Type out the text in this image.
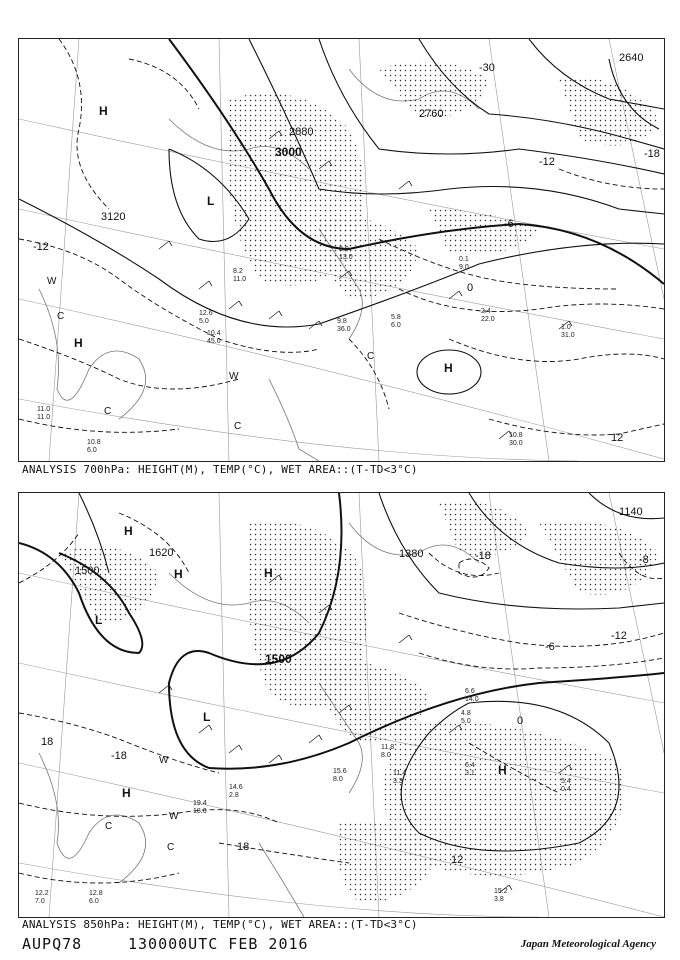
3000
3120
2880
2760
2640
-12
-6
0
12
-12
-18
-30
H
L
H
H
W
C
W
C
C
C
10.4
45.0
5.8
6.0
2.4
22.0
1.0
31.0
10.8
30.0
10.8
6.0
11.0
11.0
9.8
36.0
12.6
5.0
0.1
9.0
3.0
13.0
8.2
11.0
ANALYSIS 700hPa: HEIGHT(M), TEMP(°C), WET AREA::(T-TD<3°C)
1500
1620	1380
1140
1500
-18
-12
-6
0
12
18
18
-18
-8
H
H	H
L
L
H
H
W
W
C
C
15.2
3.8
12.8
6.0
12.2
7.0
11.4
3.3	5.4
0.4
6.4
3.1
4.8
5.0
15.6
8.0
14.6
2.8
19.4
18.0
6.6
14.0
11.8
8.0
ANALYSIS 850hPa: HEIGHT(M), TEMP(°C), WET AREA::(T-TD<3°C)
AUPQ78	130000UTC FEB 2016	Japan Meteorological Agency
